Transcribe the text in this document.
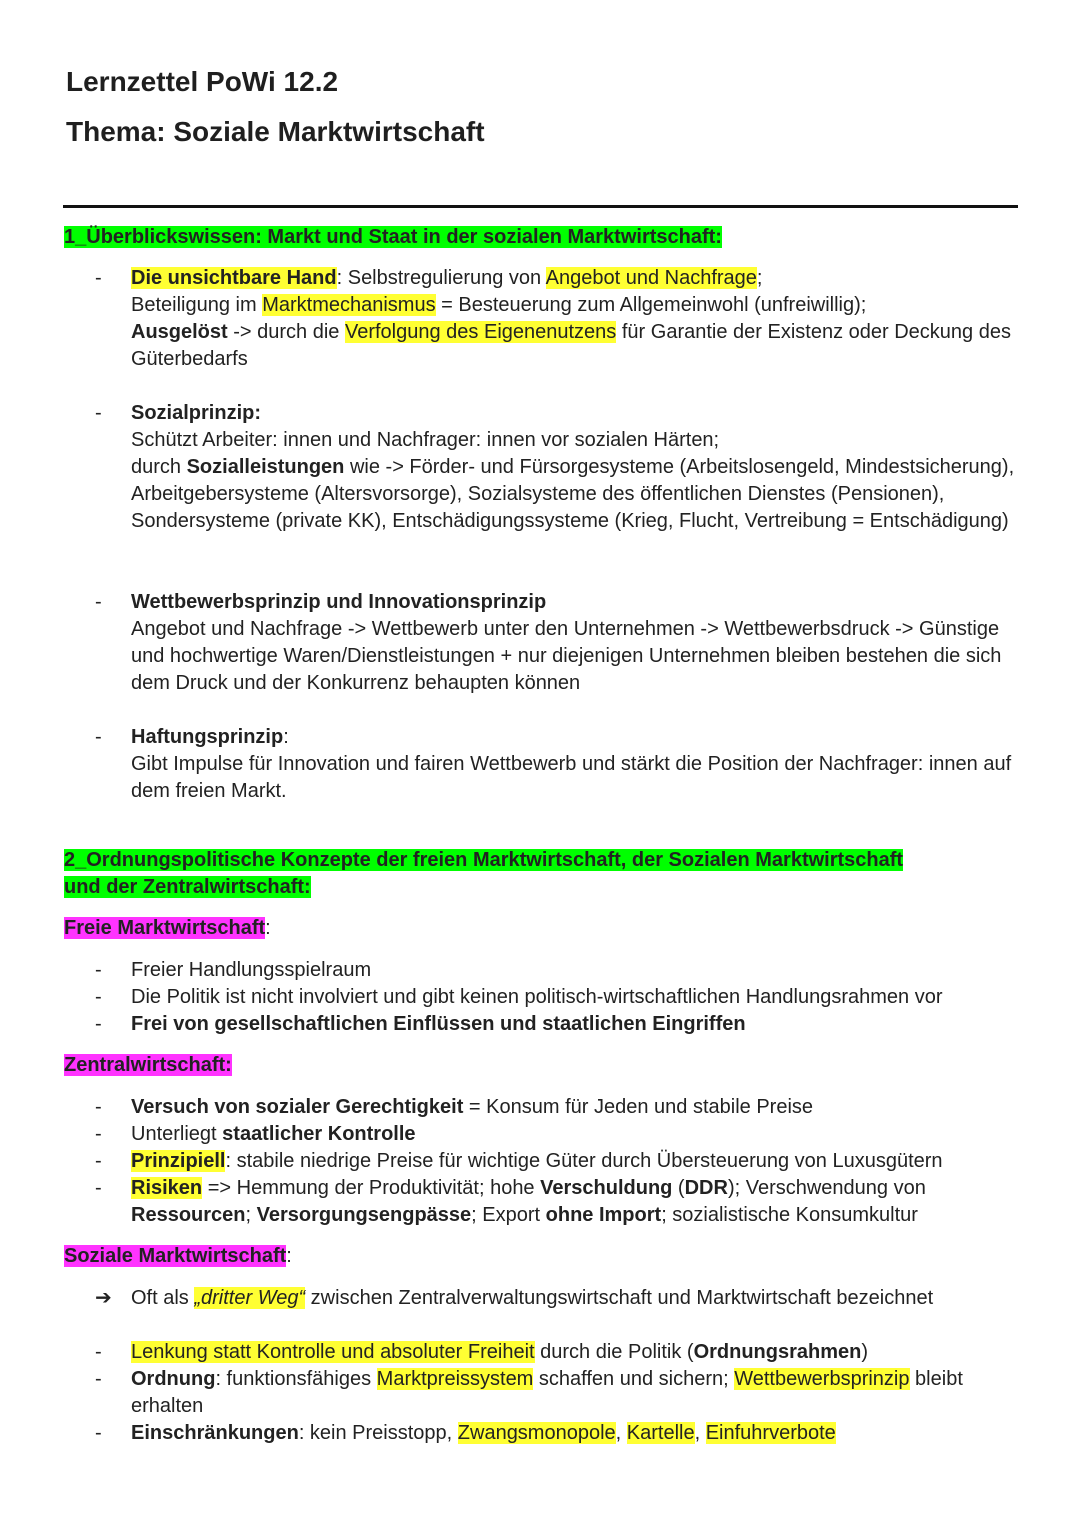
Lernzettel PoWi 12.2
Thema: Soziale Marktwirtschaft
1_Überblickswissen: Markt und Staat in der sozialen Marktwirtschaft:
-	Die unsichtbare Hand: Selbstregulierung von Angebot und Nachfrage;
Beteiligung im Marktmechanismus = Besteuerung zum Allgemeinwohl (unfreiwillig);
Ausgelöst -> durch die Verfolgung des Eigenenutzens für Garantie der Existenz oder Deckung des Güterbedarfs
-	Sozialprinzip:
Schützt Arbeiter: innen und Nachfrager: innen vor sozialen Härten;
durch Sozialleistungen wie -> Förder- und Fürsorgesysteme (Arbeitslosengeld, Mindestsicherung), Arbeitgebersysteme (Altersvorsorge), Sozialsysteme des öffentlichen Dienstes (Pensionen), Sondersysteme (private KK), Entschädigungssysteme (Krieg, Flucht, Vertreibung = Entschädigung)
-	Wettbewerbsprinzip und Innovationsprinzip
Angebot und Nachfrage -> Wettbewerb unter den Unternehmen -> Wettbewerbsdruck -> Günstige und hochwertige Waren/Dienstleistungen + nur diejenigen Unternehmen bleiben bestehen die sich dem Druck und der Konkurrenz behaupten können
-	Haftungsprinzip:
Gibt Impulse für Innovation und fairen Wettbewerb und stärkt die Position der Nachfrager: innen auf dem freien Markt.
2_Ordnungspolitische Konzepte der freien Marktwirtschaft, der Sozialen Marktwirtschaft
und der Zentralwirtschaft:
Freie Marktwirtschaft:
-	Freier Handlungsspielraum
-	Die Politik ist nicht involviert und gibt keinen politisch-wirtschaftlichen Handlungsrahmen vor
-	Frei von gesellschaftlichen Einflüssen und staatlichen Eingriffen
Zentralwirtschaft:
-	Versuch von sozialer Gerechtigkeit = Konsum für Jeden und stabile Preise
-	Unterliegt staatlicher Kontrolle
-	Prinzipiell: stabile niedrige Preise für wichtige Güter durch Übersteuerung von Luxusgütern
-	Risiken => Hemmung der Produktivität; hohe Verschuldung (DDR); Verschwendung von
Ressourcen; Versorgungsengpässe; Export ohne Import; sozialistische Konsumkultur
Soziale Marktwirtschaft:
➔ Oft als „dritter Weg“ zwischen Zentralverwaltungswirtschaft und Marktwirtschaft bezeichnet
-	Lenkung statt Kontrolle und absoluter Freiheit durch die Politik (Ordnungsrahmen)
-	Ordnung: funktionsfähiges Marktpreissystem schaffen und sichern; Wettbewerbsprinzip bleibt erhalten
-	Einschränkungen: kein Preisstopp, Zwangsmonopole, Kartelle, Einfuhrverbote
